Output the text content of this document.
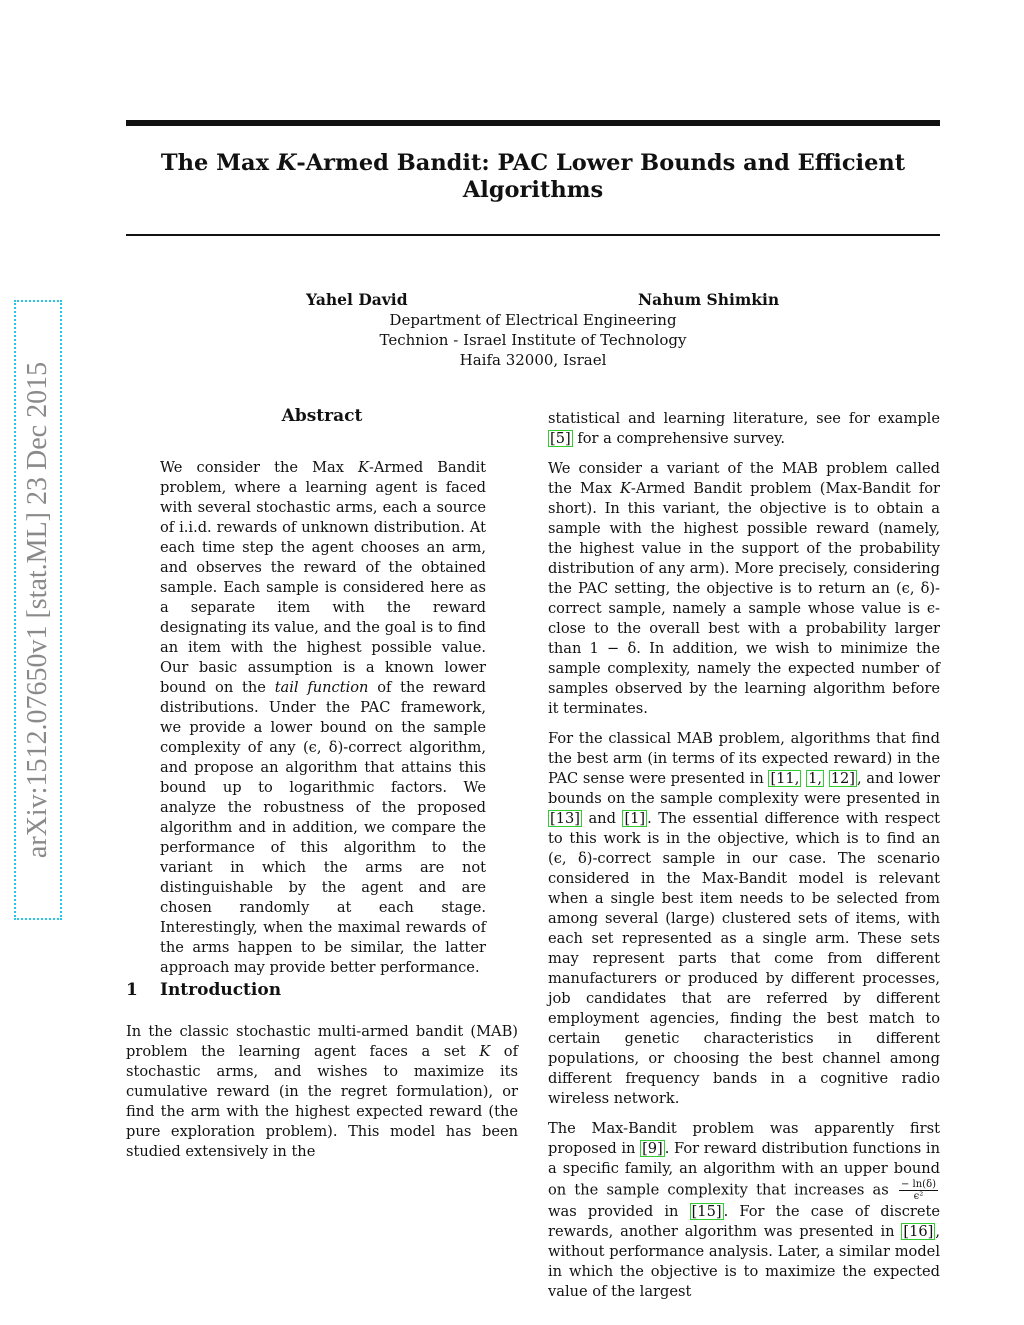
arXiv:1512.07650v1 [stat.ML] 23 Dec 2015
The Max K-Armed Bandit: PAC Lower Bounds and Efficient
Algorithms
Yahel David	Nahum Shimkin
Department of Electrical Engineering
Technion - Israel Institute of Technology
Haifa 32000, Israel
Abstract

We consider the Max K-Armed Bandit problem, where a learning agent is faced with several stochastic arms, each a source of i.i.d. rewards of unknown distribution. At each time step the agent chooses an arm, and observes the reward of the obtained sample. Each sample is considered here as a separate item with the reward designating its value, and the goal is to find an item with the highest possible value. Our basic assumption is a known lower bound on the tail function of the reward distributions. Under the PAC framework, we provide a lower bound on the sample complexity of any (ϵ, δ)-correct algorithm, and propose an algorithm that attains this bound up to logarithmic factors. We analyze the robustness of the proposed algorithm and in addition, we compare the performance of this algorithm to the variant in which the arms are not distinguishable by the agent and are chosen randomly at each stage. Interestingly, when the maximal rewards of the arms happen to be similar, the latter approach may provide better performance.

1 Introduction

In the classic stochastic multi-armed bandit (MAB) problem the learning agent faces a set K of stochastic arms, and wishes to maximize its cumulative reward (in the regret formulation), or find the arm with the highest expected reward (the pure exploration problem). This model has been studied extensively in the

statistical and learning literature, see for example [5] for a comprehensive survey.

We consider a variant of the MAB problem called the Max K-Armed Bandit problem (Max-Bandit for short). In this variant, the objective is to obtain a sample with the highest possible reward (namely, the highest value in the support of the probability distribution of any arm). More precisely, considering the PAC setting, the objective is to return an (ϵ, δ)-correct sample, namely a sample whose value is ϵ-close to the overall best with a probability larger than 1 − δ. In addition, we wish to minimize the sample complexity, namely the expected number of samples observed by the learning algorithm before it terminates.

For the classical MAB problem, algorithms that find the best arm (in terms of its expected reward) in the PAC sense were presented in [11, 1, 12] , and lower bounds on the sample complexity were presented in [13] and [1] . The essential difference with respect to this work is in the objective, which is to find an (ϵ, δ)-correct sample in our case. The scenario considered in the Max-Bandit model is relevant when a single best item needs to be selected from among several (large) clustered sets of items, with each set represented as a single arm. These sets may represent parts that come from different manufacturers or produced by different processes, job candidates that are referred by different employment agencies, finding the best match to certain genetic characteristics in different populations, or choosing the best channel among different frequency bands in a cognitive radio wireless network.

The Max-Bandit problem was apparently first proposed in [9] . For reward distribution functions in a specific family, an algorithm with an upper bound on the sample complexity that increases as $\frac{- \ln(\delta)}{\text{ϵ²}}$
was provided in [15] . For the case of discrete rewards, another algorithm was presented in [16] , without performance analysis. Later, a similar model in which the objective is to maximize the expected value of the largest
